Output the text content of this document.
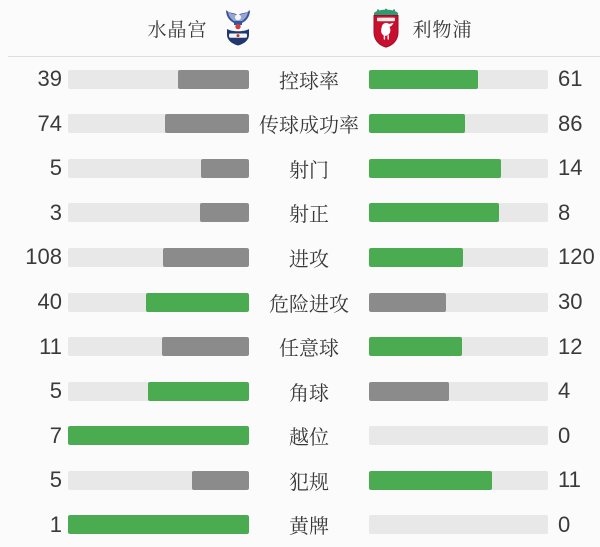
水晶宫	利物浦
39	控球率	61
74	传球成功率	86
5	射门	14
3	射正	8
108	进攻	120
40	危险进攻	30
11	任意球	12
5	角球	4
7	越位	0
5	犯规	11
1	黄牌	0
